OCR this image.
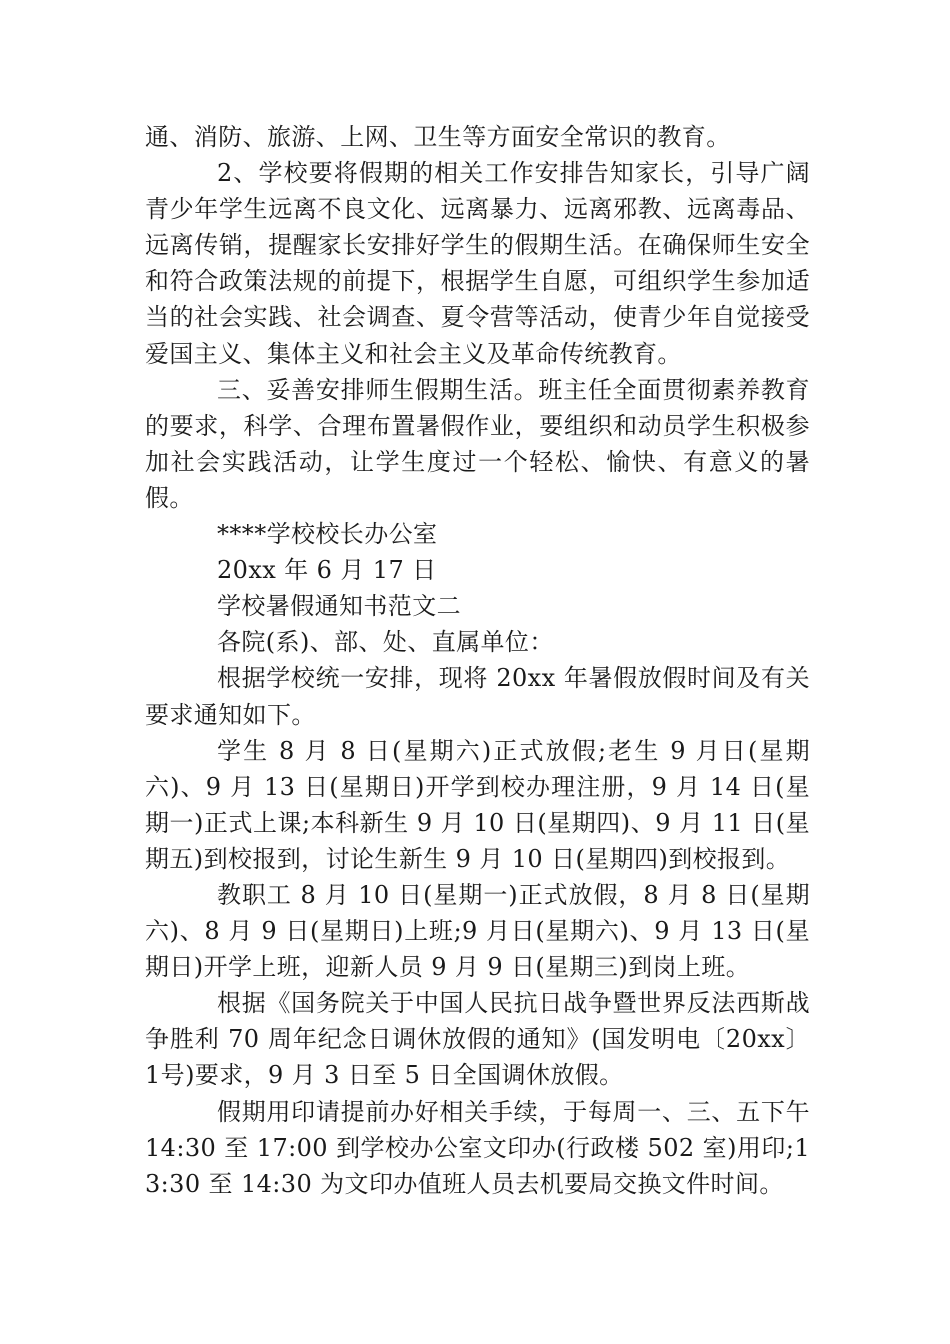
通、消防、旅游、上网、卫生等方面安全常识的教育。

2、学校要将假期的相关工作安排告知家长，引导广阔青少年学生远离不良文化、远离暴力、远离邪教、远离毒品、远离传销，提醒家长安排好学生的假期生活。在确保师生安全和符合政策法规的前提下，根据学生自愿，可组织学生参加适当的社会实践、社会调查、夏令营等活动，使青少年自觉接受爱国主义、集体主义和社会主义及革命传统教育。

三、妥善安排师生假期生活。班主任全面贯彻素养教育的要求，科学、合理布置暑假作业，要组织和动员学生积极参加社会实践活动，让学生度过一个轻松、愉快、有意义的暑假。

****学校校长办公室

20xx 年 6 月 17 日

学校暑假通知书范文二

各院(系)、部、处、直属单位：

根据学校统一安排，现将 20xx 年暑假放假时间及有关要求通知如下。

学生 8 月 8 日(星期六)正式放假;老生 9 月日(星期六)、9 月 13 日(星期日)开学到校办理注册，9 月 14 日(星期一)正式上课;本科新生 9 月 10 日(星期四)、9 月 11 日(星期五)到校报到，讨论生新生 9 月 10 日(星期四)到校报到。

教职工 8 月 10 日(星期一)正式放假，8 月 8 日(星期六)、8 月 9 日(星期日)上班;9 月日(星期六)、9 月 13 日(星期日)开学上班，迎新人员 9 月 9 日(星期三)到岗上班。

根据《国务院关于中国人民抗日战争暨世界反法西斯战争胜利 70 周年纪念日调休放假的通知》(国发明电〔20xx〕1号)要求，9 月 3 日至 5 日全国调休放假。

假期用印请提前办好相关手续，于每周一、三、五下午14:30 至 17:00 到学校办公室文印办(行政楼 502 室)用印;13:30 至 14:30 为文印办值班人员去机要局交换文件时间。
